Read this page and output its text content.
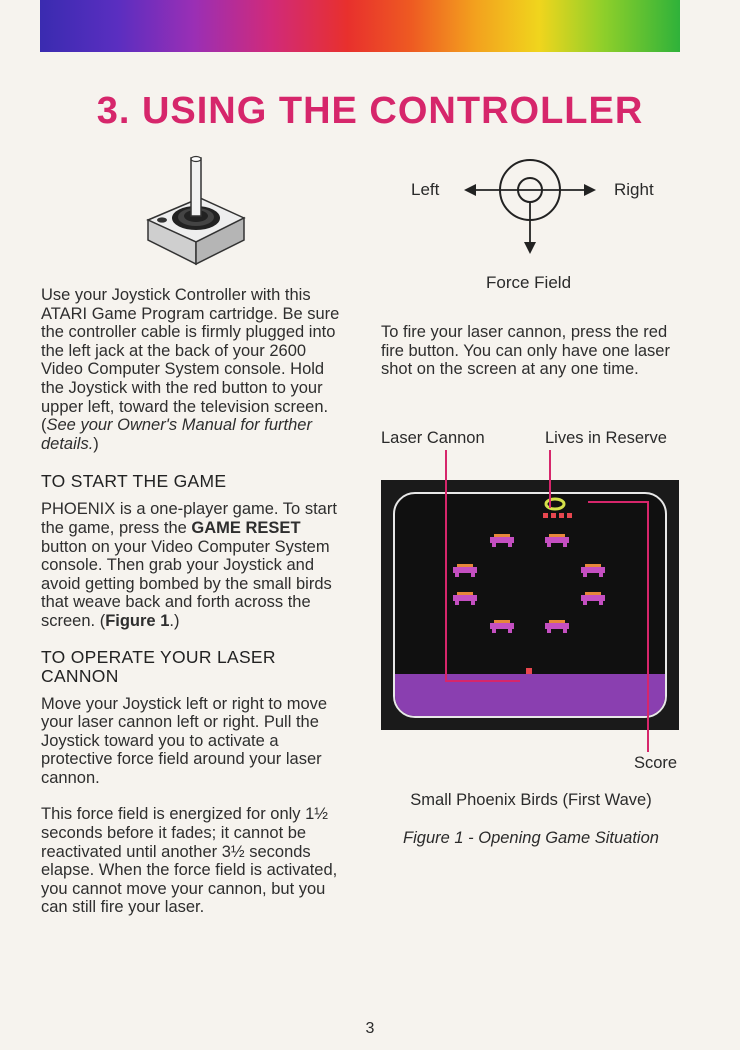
3. USING THE CONTROLLER
Left	Right
Force Field

Use your Joystick Controller with this ATARI Game Program cartridge. Be sure the controller cable is firmly plugged into the left jack at the back of your 2600 Video Computer System console. Hold the Joystick with the red button to your upper left, toward the television screen. (See your Owner's Manual for further details.)

TO START THE GAME

PHOENIX is a one-player game. To start the game, press the GAME RESET button on your Video Computer System console. Then grab your Joystick and avoid getting bombed by the small birds that weave back and forth across the screen. (Figure 1.)

TO OPERATE YOUR LASER CANNON

Move your Joystick left or right to move your laser cannon left or right. Pull the Joystick toward you to activate a protective force field around your laser cannon.

This force field is energized for only 1½ seconds before it fades; it cannot be reactivated until another 3½ seconds elapse. When the force field is activated, you cannot move your cannon, but you can still fire your laser.

To fire your laser cannon, press the red fire button. You can only have one laser shot on the screen at any one time.
Laser Cannon	Lives in Reserve
Score
Small Phoenix Birds (First Wave)
Figure 1 - Opening Game Situation
3
